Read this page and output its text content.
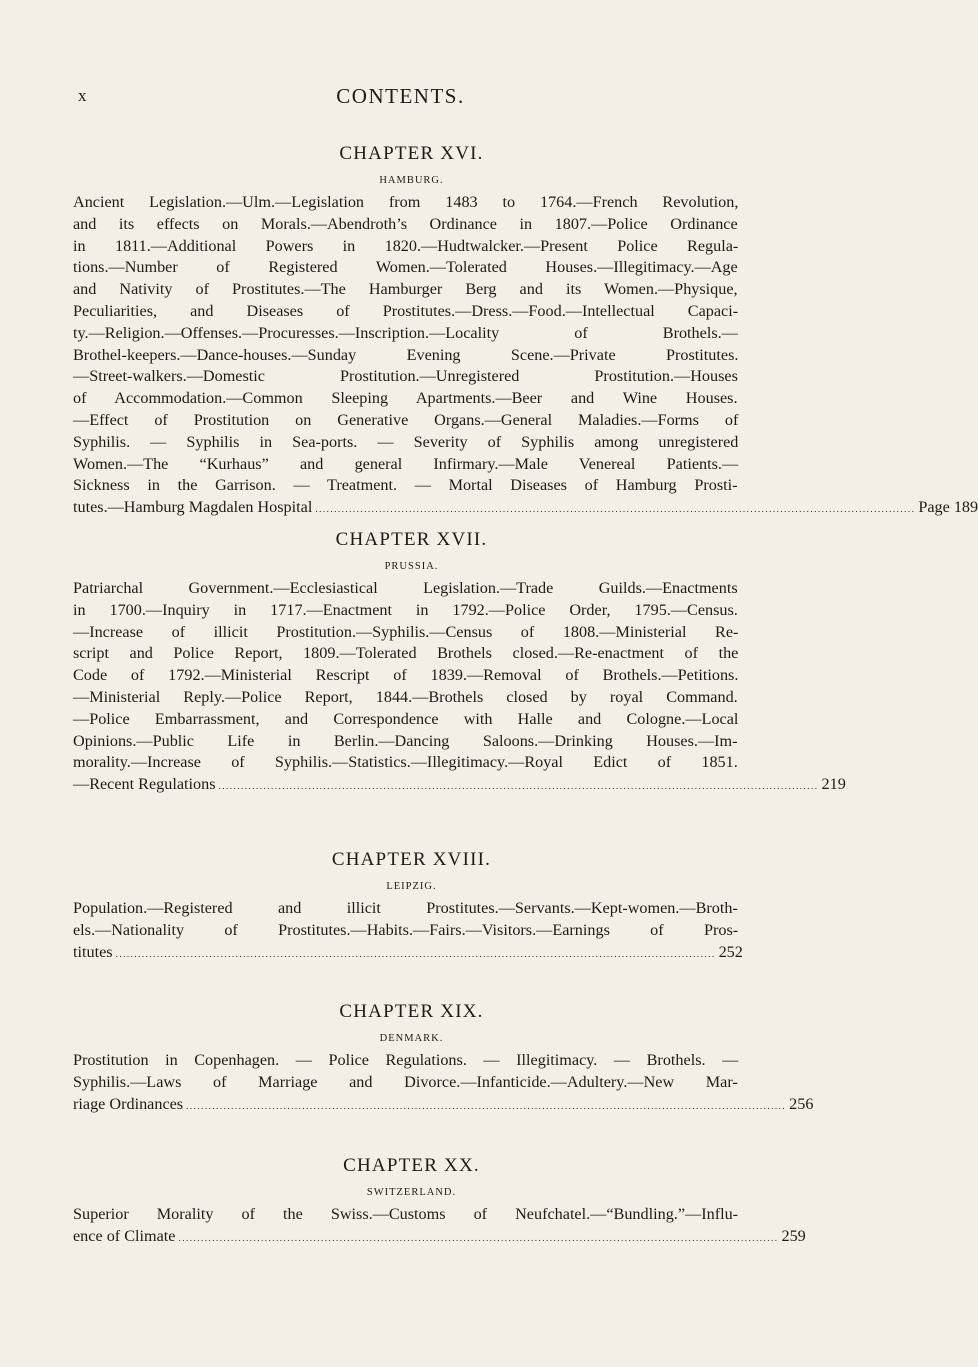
x	CONTENTS.
CHAPTER XVI.
HAMBURG.
Ancient Legislation.—Ulm.—Legislation from 1483 to 1764.—French Revolution,
and its effects on Morals.—Abendroth’s Ordinance in 1807.—Police Ordinance
in 1811.—Additional Powers in 1820.—Hudtwalcker.—Present Police Regula-
tions.—Number of Registered Women.—Tolerated Houses.—Illegitimacy.—Age
and Nativity of Prostitutes.—The Hamburger Berg and its Women.—Physique,
Peculiarities, and Diseases of Prostitutes.—Dress.—Food.—Intellectual Capaci-
ty.—Religion.—Offenses.—Procuresses.—Inscription.—Locality of Brothels.—
Brothel-keepers.—Dance-houses.—Sunday Evening Scene.—Private Prostitutes.
—Street-walkers.—Domestic Prostitution.—Unregistered Prostitution.—Houses
of Accommodation.—Common Sleeping Apartments.—Beer and Wine Houses.
—Effect of Prostitution on Generative Organs.—General Maladies.—Forms of
Syphilis. — Syphilis in Sea-ports. — Severity of Syphilis among unregistered
Women.—The “Kurhaus” and general Infirmary.—Male Venereal Patients.—
Sickness in the Garrison. — Treatment. — Mortal Diseases of Hamburg Prosti-
tutes.—Hamburg Magdalen Hospital ................................................................................................................................................................ Page 189
CHAPTER XVII.
PRUSSIA.
Patriarchal Government.—Ecclesiastical Legislation.—Trade Guilds.—Enactments
in 1700.—Inquiry in 1717.—Enactment in 1792.—Police Order, 1795.—Census.
—Increase of illicit Prostitution.—Syphilis.—Census of 1808.—Ministerial Re-
script and Police Report, 1809.—Tolerated Brothels closed.—Re-enactment of the
Code of 1792.—Ministerial Rescript of 1839.—Removal of Brothels.—Petitions.
—Ministerial Reply.—Police Report, 1844.—Brothels closed by royal Command.
—Police Embarrassment, and Correspondence with Halle and Cologne.—Local
Opinions.—Public Life in Berlin.—Dancing Saloons.—Drinking Houses.—Im-
morality.—Increase of Syphilis.—Statistics.—Illegitimacy.—Royal Edict of 1851.
—Recent Regulations ................................................................................................................................................................ 219
CHAPTER XVIII.
LEIPZIG.
Population.—Registered and illicit Prostitutes.—Servants.—Kept-women.—Broth-
els.—Nationality of Prostitutes.—Habits.—Fairs.—Visitors.—Earnings of Pros-
titutes ................................................................................................................................................................ 252
CHAPTER XIX.
DENMARK.
Prostitution in Copenhagen. — Police Regulations. — Illegitimacy. — Brothels. —
Syphilis.—Laws of Marriage and Divorce.—Infanticide.—Adultery.—New Mar-
riage Ordinances ................................................................................................................................................................ 256
CHAPTER XX.
SWITZERLAND.
Superior Morality of the Swiss.—Customs of Neufchatel.—“Bundling.”—Influ-
ence of Climate ................................................................................................................................................................ 259
